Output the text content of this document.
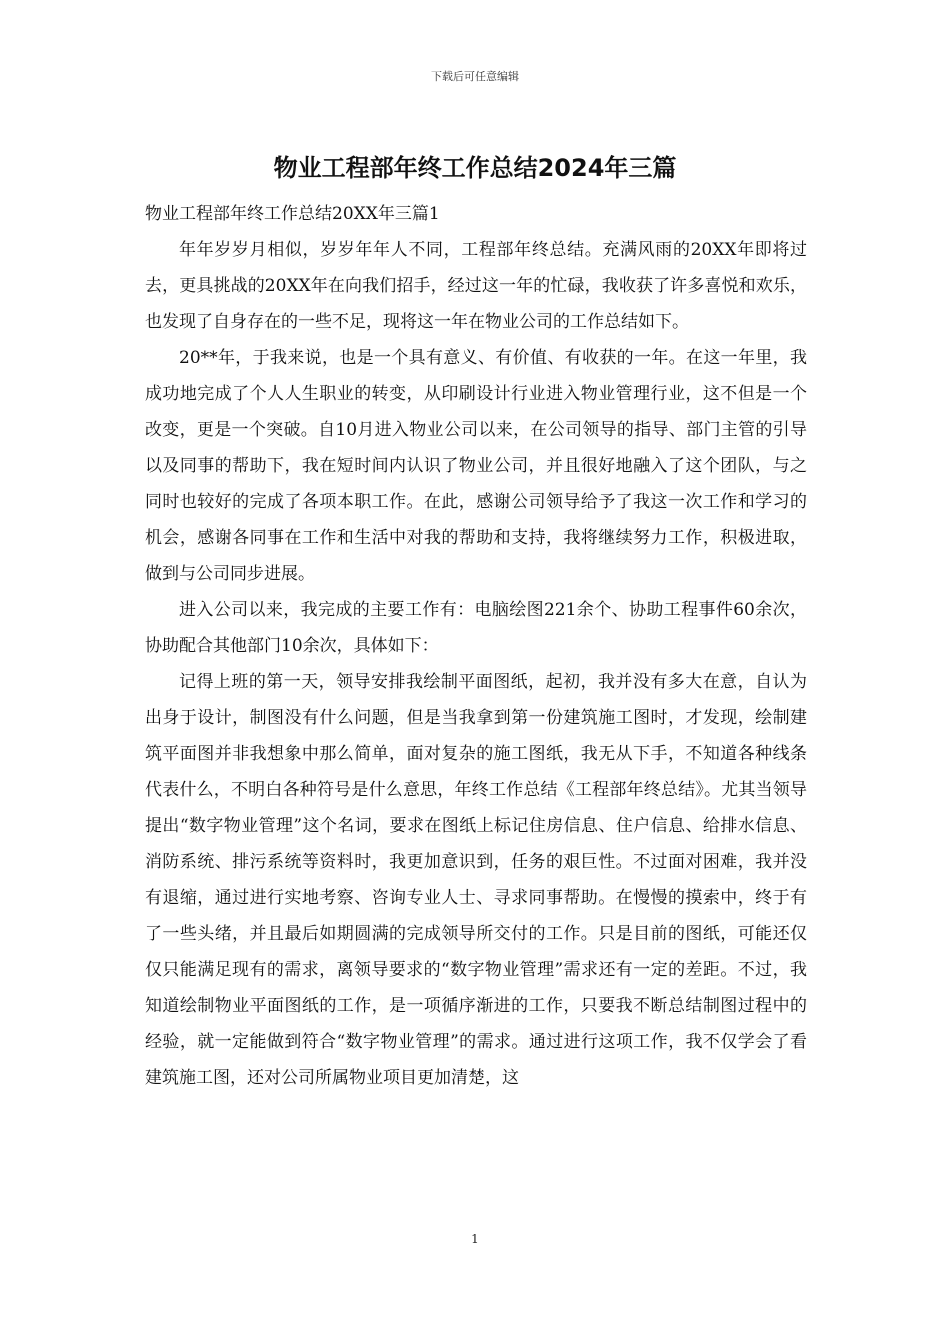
下载后可任意编辑
物业工程部年终工作总结2024年三篇

物业工程部年终工作总结20XX年三篇1

年年岁岁月相似，岁岁年年人不同，工程部年终总结。充满风雨的20XX年即将过去，更具挑战的20XX年在向我们招手，经过这一年的忙碌，我收获了许多喜悦和欢乐，也发现了自身存在的一些不足，现将这一年在物业公司的工作总结如下。

20**年，于我来说，也是一个具有意义、有价值、有收获的一年。在这一年里，我成功地完成了个人人生职业的转变，从印刷设计行业进入物业管理行业，这不但是一个改变，更是一个突破。自10月进入物业公司以来，在公司领导的指导、部门主管的引导以及同事的帮助下，我在短时间内认识了物业公司，并且很好地融入了这个团队，与之同时也较好的完成了各项本职工作。在此，感谢公司领导给予了我这一次工作和学习的机会，感谢各同事在工作和生活中对我的帮助和支持，我将继续努力工作，积极进取，做到与公司同步进展。

进入公司以来，我完成的主要工作有：电脑绘图221余个、协助工程事件60余次，协助配合其他部门10余次，具体如下：

记得上班的第一天，领导安排我绘制平面图纸，起初，我并没有多大在意，自认为出身于设计，制图没有什么问题，但是当我拿到第一份建筑施工图时，才发现，绘制建筑平面图并非我想象中那么简单，面对复杂的施工图纸，我无从下手，不知道各种线条代表什么，不明白各种符号是什么意思，年终工作总结《工程部年终总结》。尤其当领导提出“数字物业管理”这个名词，要求在图纸上标记住房信息、住户信息、给排水信息、消防系统、排污系统等资料时，我更加意识到，任务的艰巨性。不过面对困难，我并没有退缩，通过进行实地考察、咨询专业人士、寻求同事帮助。在慢慢的摸索中，终于有了一些头绪，并且最后如期圆满的完成领导所交付的工作。只是目前的图纸，可能还仅仅只能满足现有的需求，离领导要求的“数字物业管理”需求还有一定的差距。不过，我知道绘制物业平面图纸的工作，是一项循序渐进的工作，只要我不断总结制图过程中的经验，就一定能做到符合“数字物业管理”的需求。通过进行这项工作，我不仅学会了看建筑施工图，还对公司所属物业项目更加清楚，这

1
